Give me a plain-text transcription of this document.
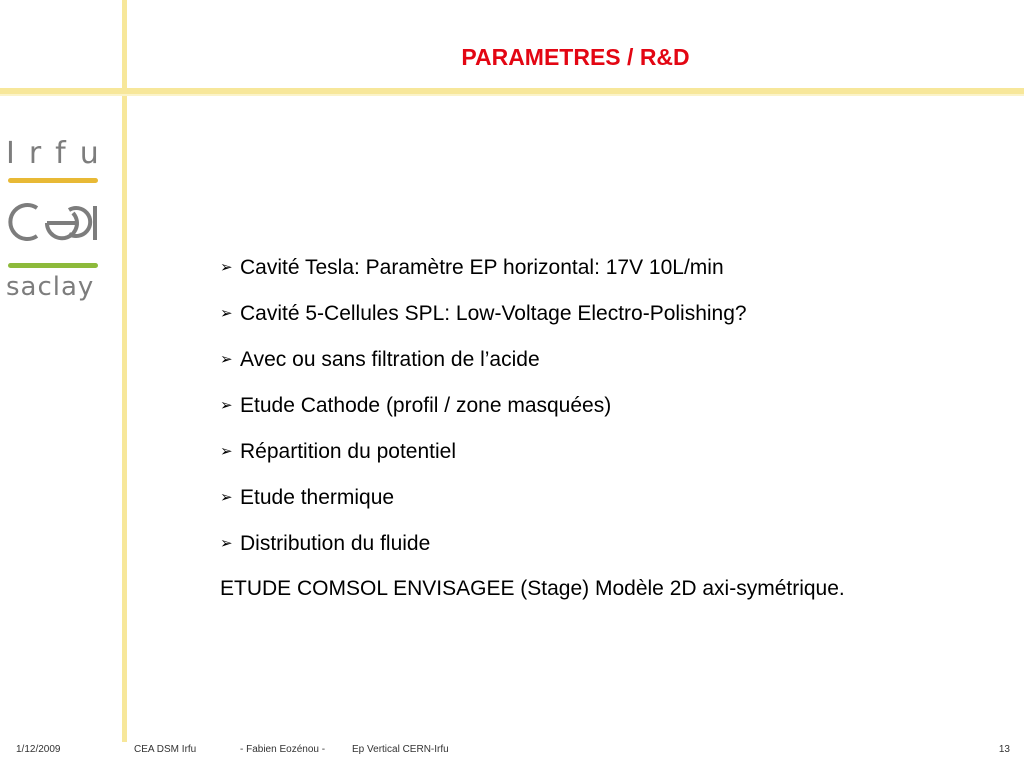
PARAMETRES / R&D
Irfu
saclay
➢ Cavité Tesla: Paramètre EP horizontal: 17V 10L/min
➢ Cavité 5-Cellules SPL: Low-Voltage Electro-Polishing?
➢ Avec ou sans filtration de l’acide
➢ Etude Cathode (profil / zone masquées)
➢ Répartition du potentiel
➢ Etude thermique
➢ Distribution du fluide
ETUDE COMSOL ENVISAGEE (Stage) Modèle 2D axi-symétrique.
1/12/2009	CEA DSM Irfu	- Fabien Eozénou -	Ep Vertical CERN-Irfu	13
